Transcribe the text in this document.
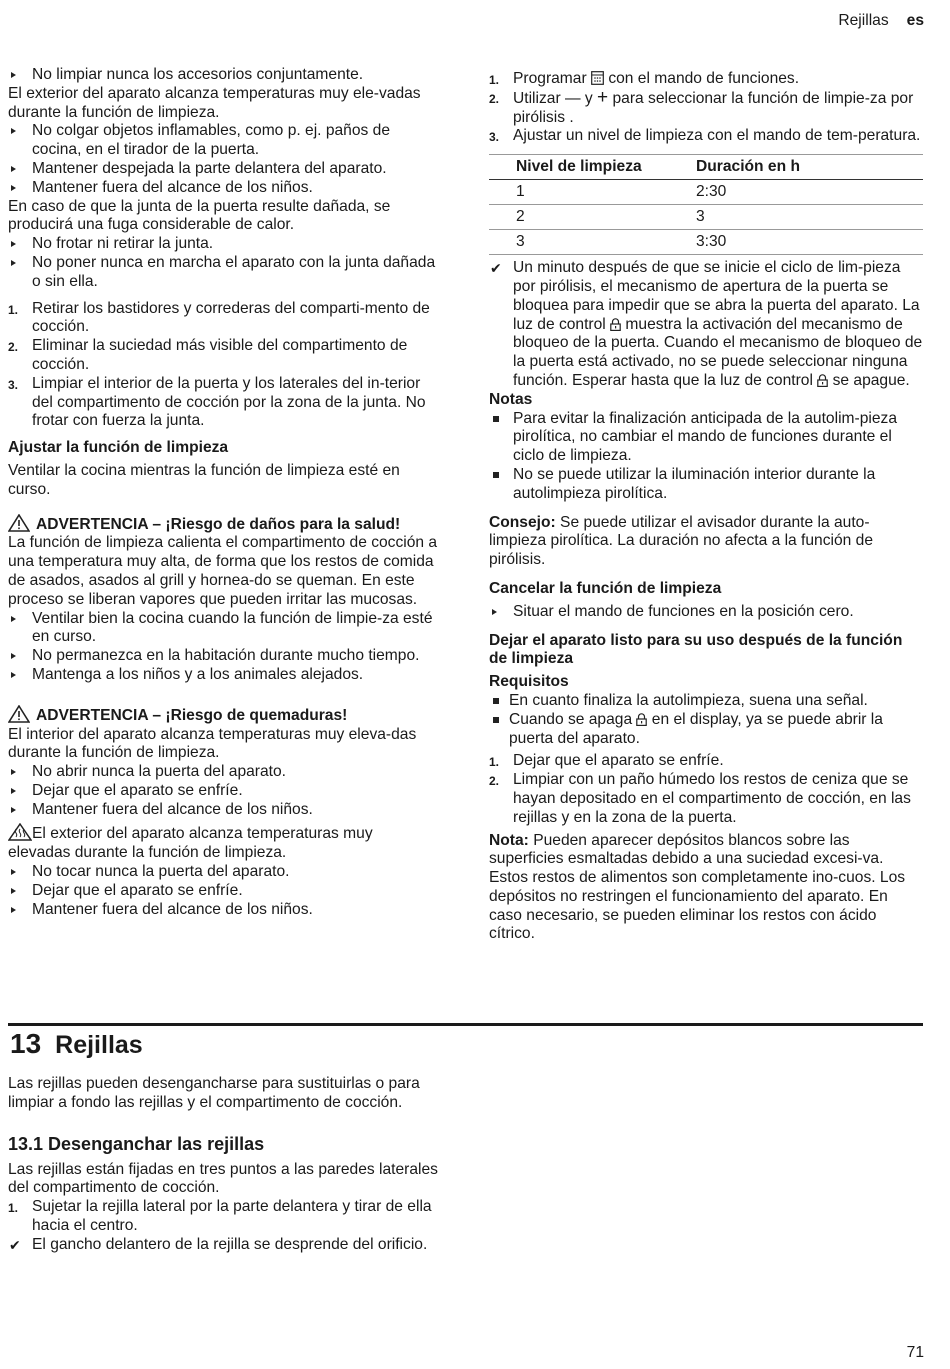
Rejillas es
No limpiar nunca los accesorios conjuntamente.

El exterior del aparato alcanza temperaturas muy ele-vadas durante la función de limpieza.

No colgar objetos inflamables, como p. ej. paños de cocina, en el tirador de la puerta.
Mantener despejada la parte delantera del aparato.
Mantener fuera del alcance de los niños.

En caso de que la junta de la puerta resulte dañada, se producirá una fuga considerable de calor.

No frotar ni retirar la junta.
No poner nunca en marcha el aparato con la junta dañada o sin ella.
1. Retirar los bastidores y correderas del comparti-mento de cocción.
2. Eliminar la suciedad más visible del compartimento de cocción.
3. Limpiar el interior de la puerta y los laterales del in-terior del compartimento de cocción por la zona de la junta. No frotar con fuerza la junta.

Ajustar la función de limpieza

Ventilar la cocina mientras la función de limpieza esté en curso.

ADVERTENCIA – ¡Riesgo de daños para la salud!

La función de limpieza calienta el compartimento de cocción a una temperatura muy alta, de forma que los restos de comida de asados, asados al grill y hornea-do se queman. En este proceso se liberan vapores que pueden irritar las mucosas.

Ventilar bien la cocina cuando la función de limpie-za esté en curso.
No permanezca en la habitación durante mucho tiempo.
Mantenga a los niños y a los animales alejados.

ADVERTENCIA – ¡Riesgo de quemaduras!

El interior del aparato alcanza temperaturas muy eleva-das durante la función de limpieza.

No abrir nunca la puerta del aparato.
Dejar que el aparato se enfríe.
Mantener fuera del alcance de los niños.

El exterior del aparato alcanza temperaturas muy elevadas durante la función de limpieza.

No tocar nunca la puerta del aparato.
Dejar que el aparato se enfríe.
Mantener fuera del alcance de los niños.
1. Programar  con el mando de funciones.
2. Utilizar — y + para seleccionar la función de limpie-za por pirólisis .
3. Ajustar un nivel de limpieza con el mando de tem-peratura.
Nivel de limpieza	Duración en h
1	2:30
2	3
3	3:30
✔ Un minuto después de que se inicie el ciclo de lim-pieza por pirólisis, el mecanismo de apertura de la puerta se bloquea para impedir que se abra la puerta del aparato. La luz de control  muestra la activación del mecanismo de bloqueo de la puerta. Cuando el mecanismo de bloqueo de la puerta está activado, no se puede seleccionar ninguna función. Esperar hasta que la luz de control  se apague.

Notas

Para evitar la finalización anticipada de la autolim-pieza pirolítica, no cambiar el mando de funciones durante el ciclo de limpieza.
No se puede utilizar la iluminación interior durante la autolimpieza pirolítica.

Consejo: Se puede utilizar el avisador durante la auto-limpieza pirolítica. La duración no afecta a la función de pirólisis.

Cancelar la función de limpieza

Situar el mando de funciones en la posición cero.

Dejar el aparato listo para su uso después de la función de limpieza

Requisitos

En cuanto finaliza la autolimpieza, suena una señal.
Cuando se apaga  en el display, ya se puede abrir la puerta del aparato.
1. Dejar que el aparato se enfríe.
2. Limpiar con un paño húmedo los restos de ceniza que se hayan depositado en el compartimento de cocción, en las rejillas y en la zona de la puerta.

Nota: Pueden aparecer depósitos blancos sobre las superficies esmaltadas debido a una suciedad excesi-va. Estos restos de alimentos son completamente ino-cuos. Los depósitos no restringen el funcionamiento del aparato. En caso necesario, se pueden eliminar los restos con ácido cítrico.

13 Rejillas

Las rejillas pueden desengancharse para sustituirlas o para limpiar a fondo las rejillas y el compartimento de cocción.

13.1 Desenganchar las rejillas

Las rejillas están fijadas en tres puntos a las paredes laterales del compartimento de cocción.

1. Sujetar la rejilla lateral por la parte delantera y tirar de ella hacia el centro.
✔ El gancho delantero de la rejilla se desprende del orificio.
71
